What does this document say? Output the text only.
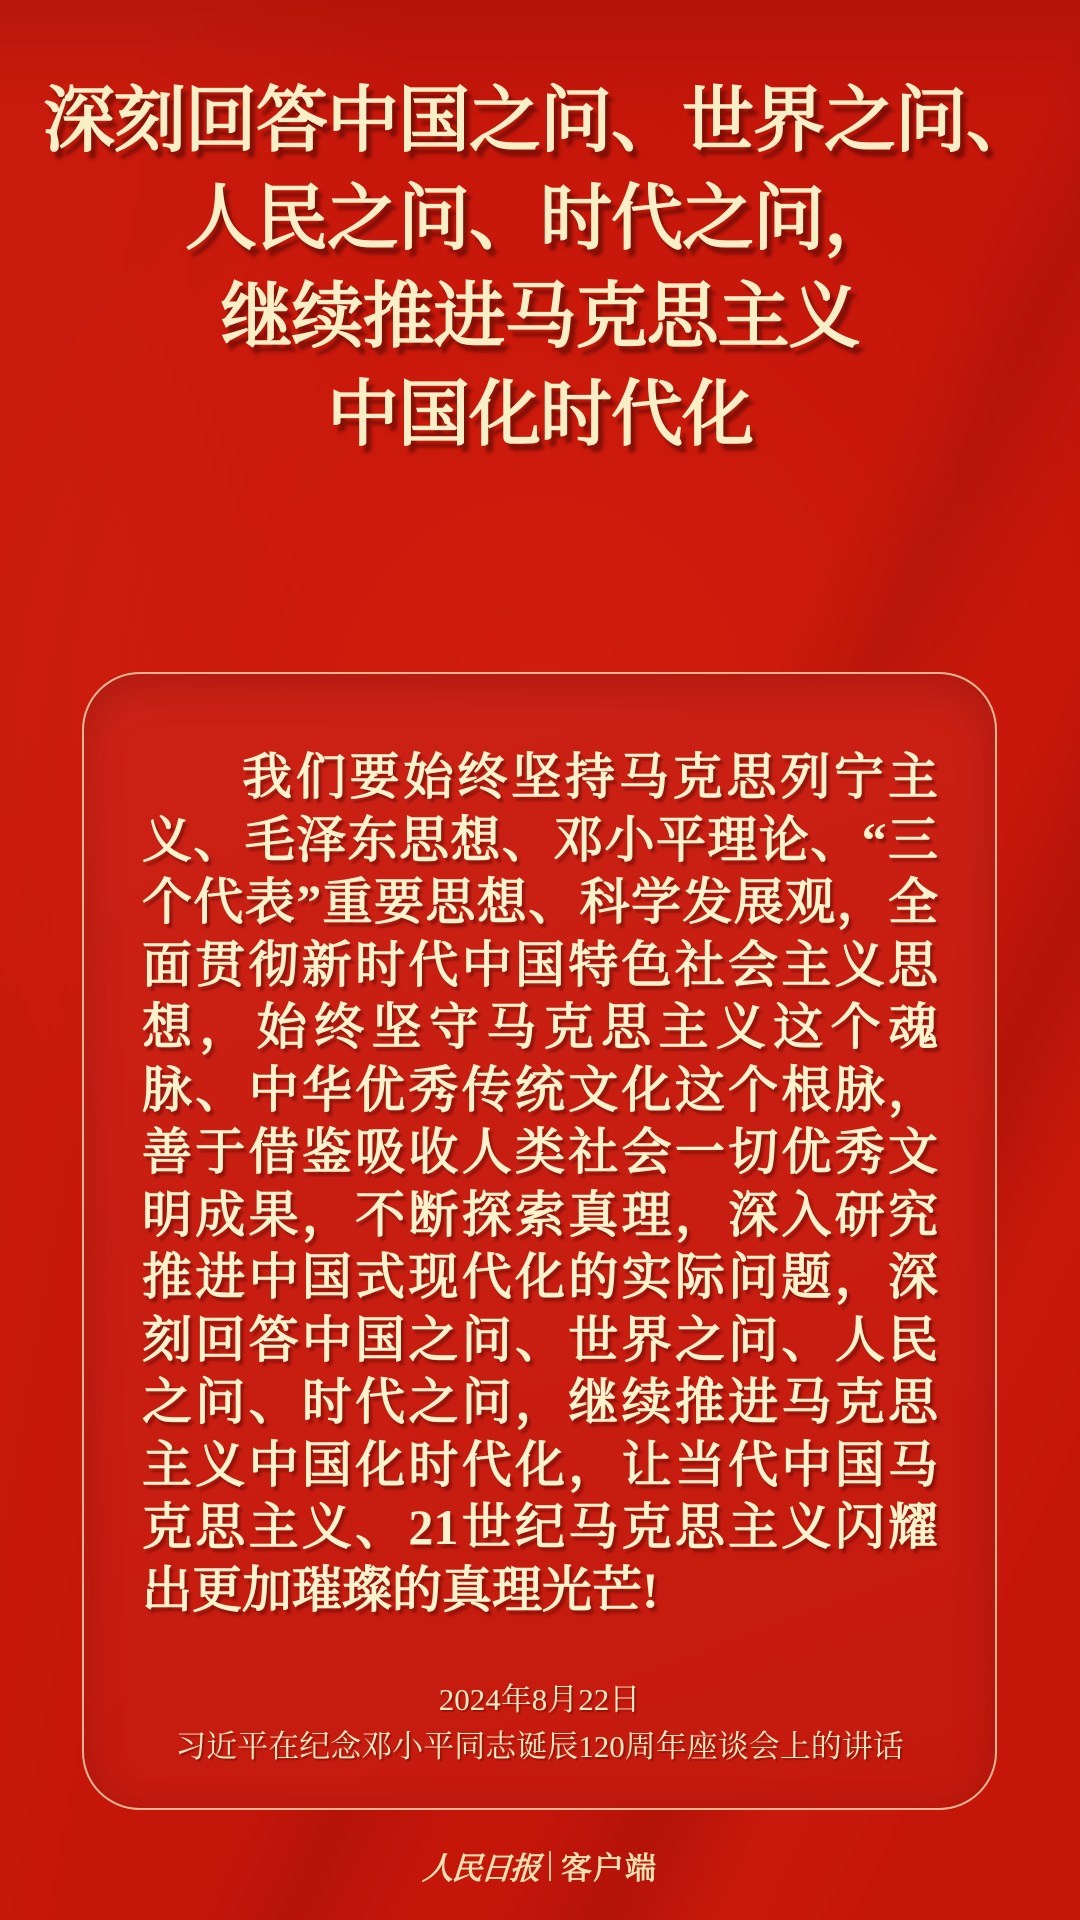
深刻回答中国之问、世界之问、
人民之问、时代之问，
继续推进马克思主义
中国化时代化

我们要始终坚持马克思列宁主义、毛泽东思想、邓小平理论、“三个代表”重要思想、科学发展观，全面贯彻新时代中国特色社会主义思想，始终坚守马克思主义这个魂脉、中华优秀传统文化这个根脉，善于借鉴吸收人类社会一切优秀文明成果，不断探索真理，深入研究推进中国式现代化的实际问题，深刻回答中国之问、世界之问、人民之问、时代之问，继续推进马克思主义中国化时代化，让当代中国马克思主义、21世纪马克思主义闪耀出更加璀璨的真理光芒!

2024年8月22日

习近平在纪念邓小平同志诞辰120周年座谈会上的讲话

人民日报 客户端
